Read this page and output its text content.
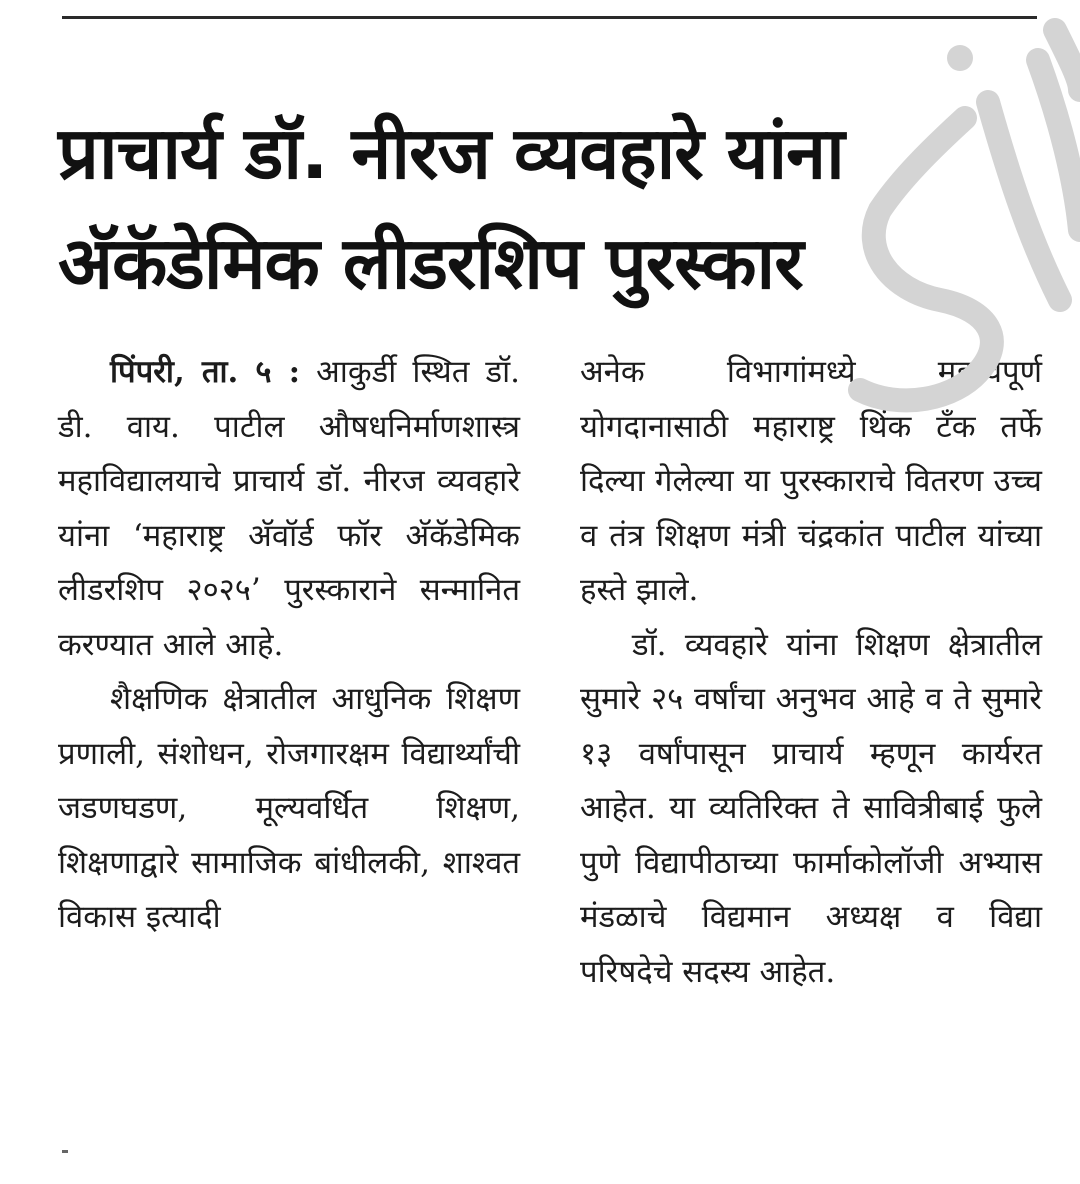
प्राचार्य डॉ. नीरज व्यवहारे यांना
अ‍ॅकॅडेमिक लीडरशिप पुरस्कार

पिंपरी, ता. ५ : आकुर्डी स्थित डॉ. डी. वाय. पाटील औषधनिर्माणशास्त्र महाविद्यालयाचे प्राचार्य डॉ. नीरज व्यवहारे यांना ‘महाराष्ट्र अ‍ॅवॉर्ड फॉर अ‍ॅकॅडेमिक लीडरशिप २०२५’ पुरस्काराने सन्मानित करण्यात आले आहे.

शैक्षणिक क्षेत्रातील आधुनिक शिक्षण प्रणाली, संशोधन, रोजगारक्षम विद्यार्थ्यांची जडणघडण, मूल्यवर्धित शिक्षण, शिक्षणाद्वारे सामाजिक बांधीलकी, शाश्वत विकास इत्यादी

अनेक विभागांमध्ये महत्त्वपूर्ण योगदानासाठी महाराष्ट्र थिंक टँक तर्फे दिल्या गेलेल्या या पुरस्काराचे वितरण उच्च व तंत्र शिक्षण मंत्री चंद्रकांत पाटील यांच्या हस्ते झाले.

डॉ. व्यवहारे यांना शिक्षण क्षेत्रातील सुमारे २५ वर्षांचा अनुभव आहे व ते सुमारे १३ वर्षांपासून प्राचार्य म्हणून कार्यरत आहेत. या व्यतिरिक्त ते सावित्रीबाई फुले पुणे विद्यापीठाच्या फार्माकोलॉजी अभ्यास मंडळाचे विद्यमान अध्यक्ष व विद्या परिषदेचे सदस्य आहेत.
